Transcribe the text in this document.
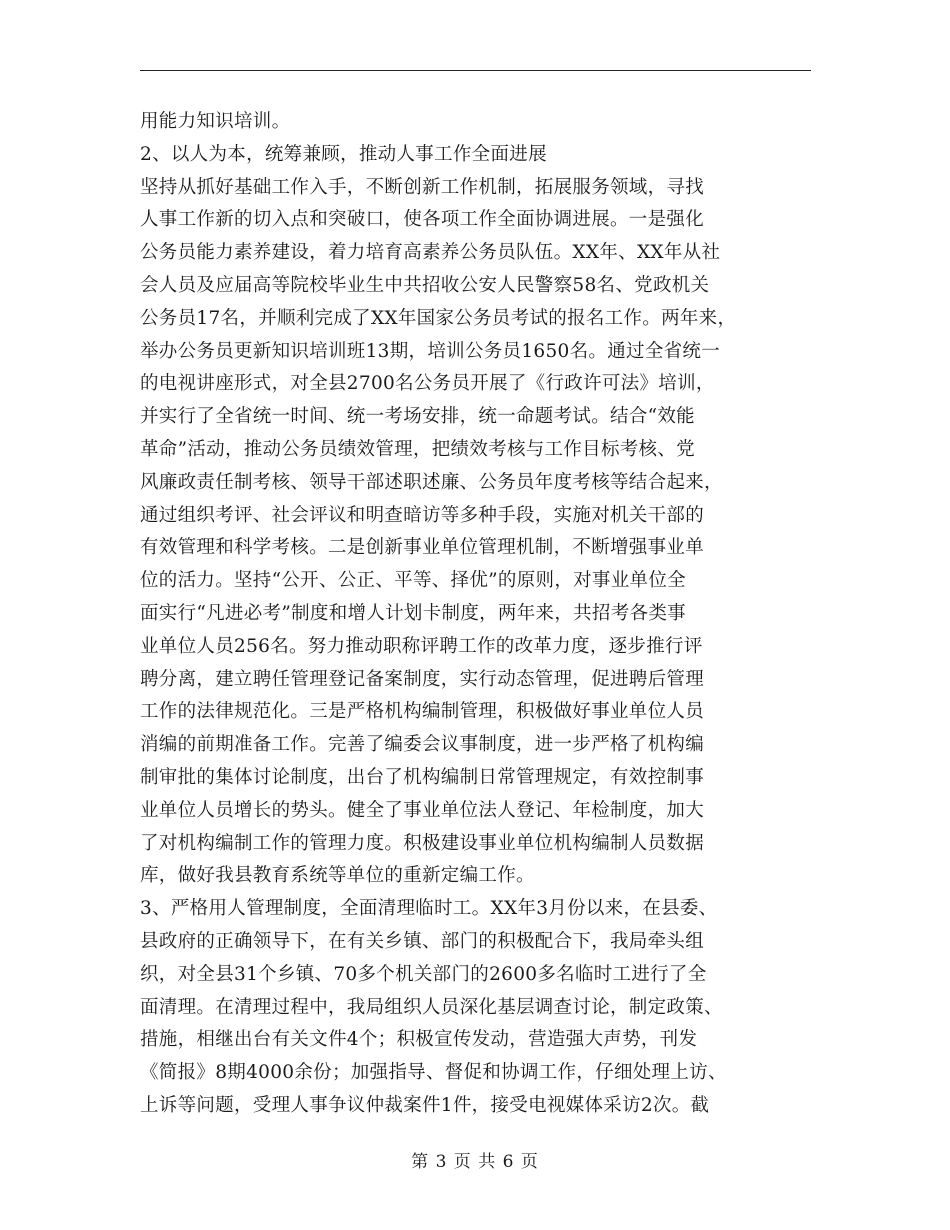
用能力知识培训。
2、以人为本，统筹兼顾，推动人事工作全面进展
坚持从抓好基础工作入手，不断创新工作机制，拓展服务领域，寻找
人事工作新的切入点和突破口，使各项工作全面协调进展。一是强化
公务员能力素养建设，着力培育高素养公务员队伍。XX年、XX年从社
会人员及应届高等院校毕业生中共招收公安人民警察58名、党政机关
公务员17名，并顺利完成了XX年国家公务员考试的报名工作。两年来，
举办公务员更新知识培训班13期，培训公务员1650名。通过全省统一
的电视讲座形式，对全县2700名公务员开展了《行政许可法》培训，
并实行了全省统一时间、统一考场安排，统一命题考试。结合“效能
革命”活动，推动公务员绩效管理，把绩效考核与工作目标考核、党
风廉政责任制考核、领导干部述职述廉、公务员年度考核等结合起来，
通过组织考评、社会评议和明查暗访等多种手段，实施对机关干部的
有效管理和科学考核。二是创新事业单位管理机制，不断增强事业单
位的活力。坚持“公开、公正、平等、择优”的原则，对事业单位全
面实行“凡进必考”制度和增人计划卡制度，两年来，共招考各类事
业单位人员256名。努力推动职称评聘工作的改革力度，逐步推行评
聘分离，建立聘任管理登记备案制度，实行动态管理，促进聘后管理
工作的法律规范化。三是严格机构编制管理，积极做好事业单位人员
消编的前期准备工作。完善了编委会议事制度，进一步严格了机构编
制审批的集体讨论制度，出台了机构编制日常管理规定，有效控制事
业单位人员增长的势头。健全了事业单位法人登记、年检制度，加大
了对机构编制工作的管理力度。积极建设事业单位机构编制人员数据
库，做好我县教育系统等单位的重新定编工作。
3、严格用人管理制度，全面清理临时工。XX年3月份以来，在县委、
县政府的正确领导下，在有关乡镇、部门的积极配合下，我局牵头组
织，对全县31个乡镇、70多个机关部门的2600多名临时工进行了全
面清理。在清理过程中，我局组织人员深化基层调查讨论，制定政策、
措施，相继出台有关文件4个；积极宣传发动，营造强大声势，刊发
《简报》8期4000余份；加强指导、督促和协调工作，仔细处理上访、
上诉等问题，受理人事争议仲裁案件1件，接受电视媒体采访2次。截
第 3 页 共 6 页
